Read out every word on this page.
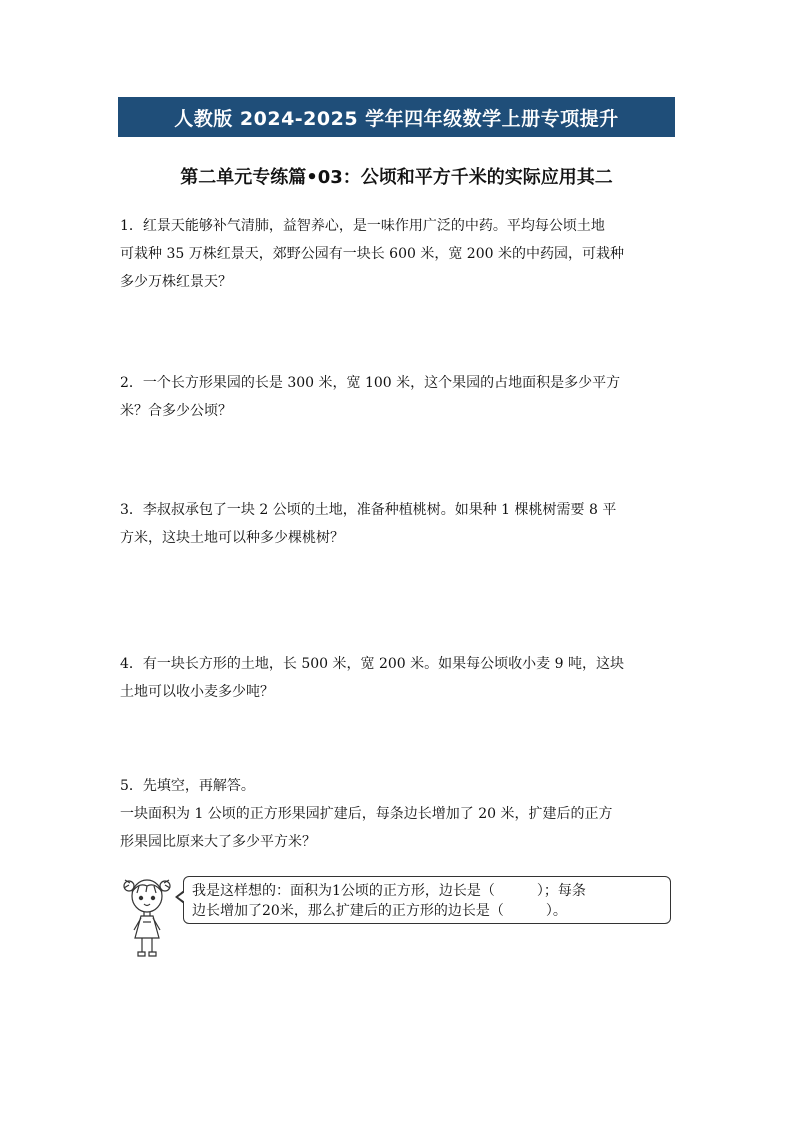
人教版 2024-2025 学年四年级数学上册专项提升
第二单元专练篇•03：公顷和平方千米的实际应用其二

1．红景天能够补气清肺，益智养心，是一味作用广泛的中药。平均每公顷土地

可栽种 35 万株红景天，郊野公园有一块长 600 米，宽 200 米的中药园，可栽种

多少万株红景天？

2．一个长方形果园的长是 300 米，宽 100 米，这个果园的占地面积是多少平方

米？合多少公顷？

3．李叔叔承包了一块 2 公顷的土地，准备种植桃树。如果种 1 棵桃树需要 8 平

方米，这块土地可以种多少棵桃树？

4．有一块长方形的土地，长 500 米，宽 200 米。如果每公顷收小麦 9 吨，这块

土地可以收小麦多少吨？

5．先填空，再解答。

一块面积为 1 公顷的正方形果园扩建后，每条边长增加了 20 米，扩建后的正方

形果园比原来大了多少平方米？

我是这样想的：面积为1公顷的正方形，边长是（　　　）；每条
边长增加了20米，那么扩建后的正方形的边长是（　　　）。
